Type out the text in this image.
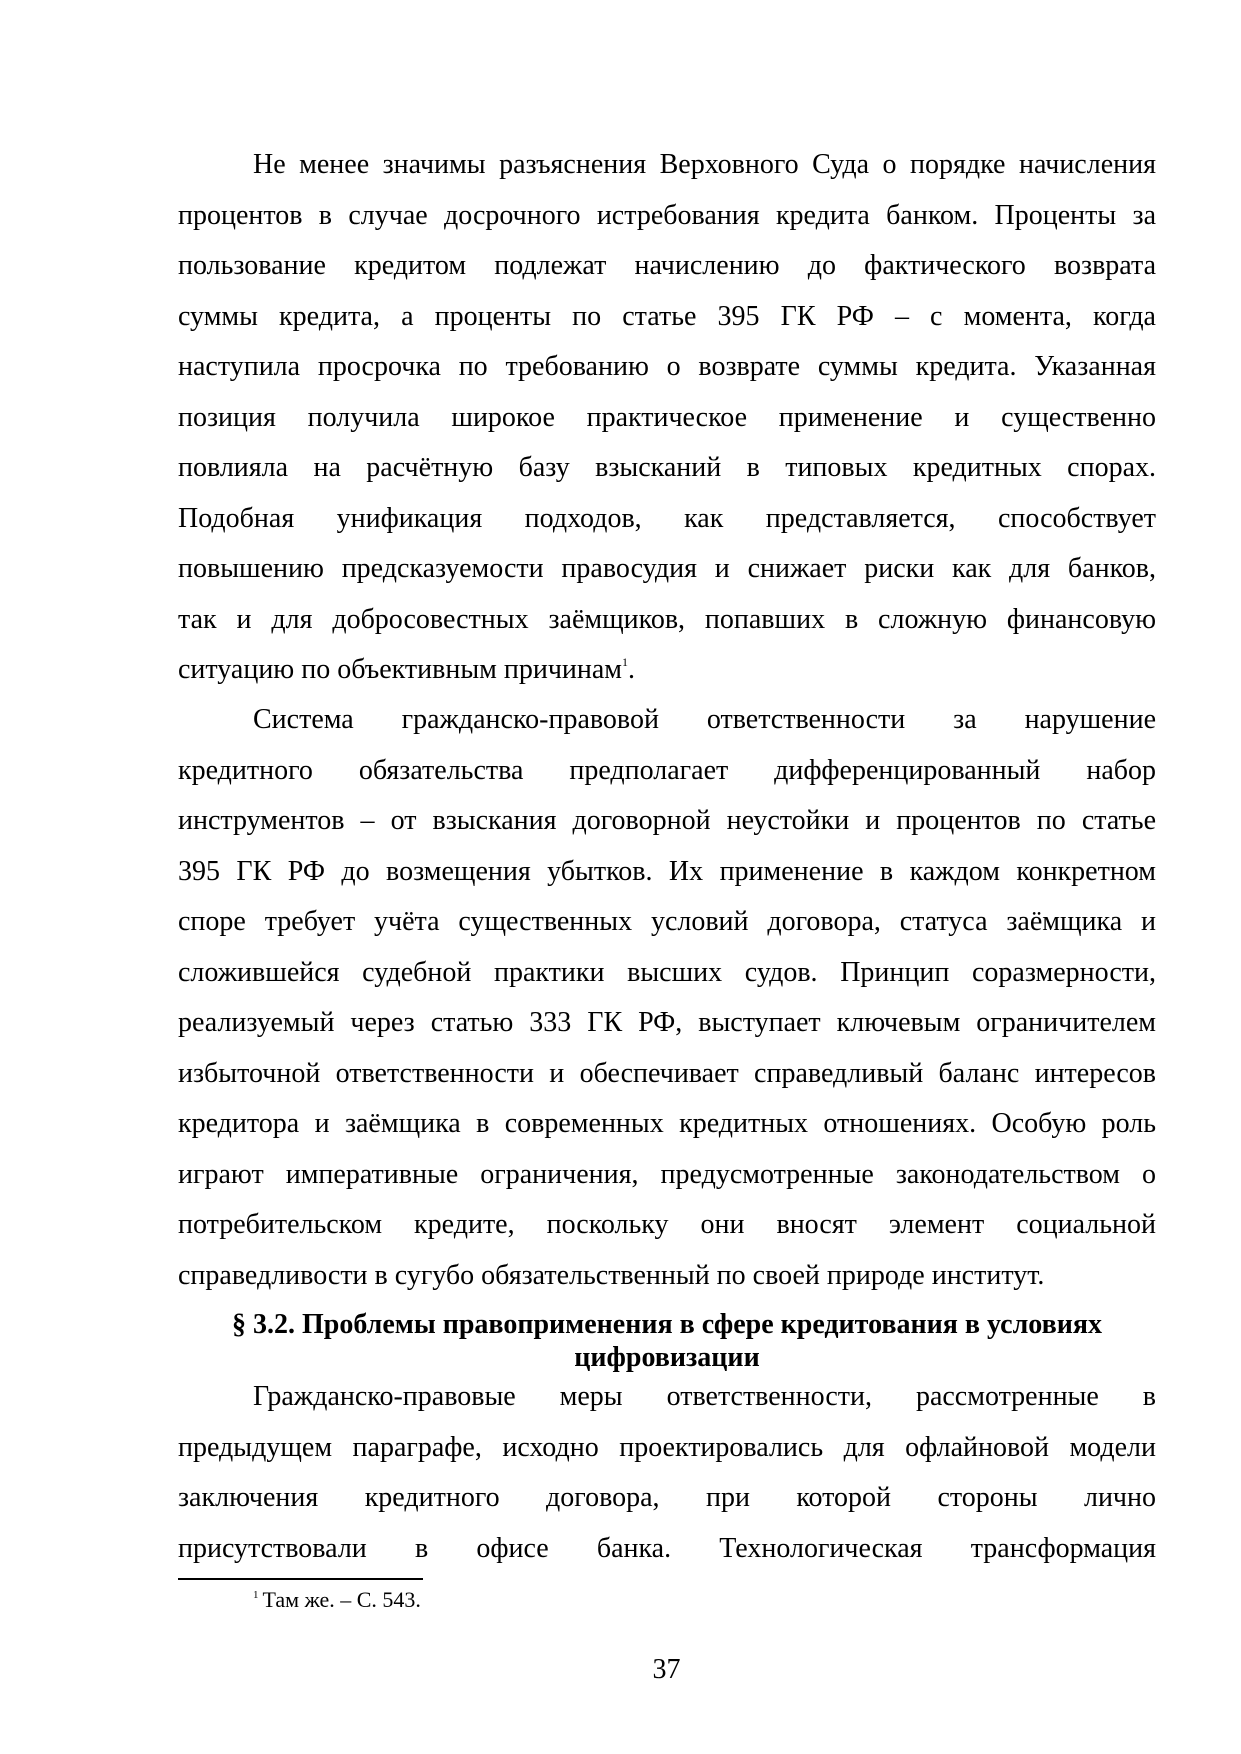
Не менее значимы разъяснения Верховного Суда о порядке начисления
процентов в случае досрочного истребования кредита банком. Проценты за
пользование кредитом подлежат начислению до фактического возврата
суммы кредита, а проценты по статье 395 ГК РФ – с момента, когда
наступила просрочка по требованию о возврате суммы кредита. Указанная
позиция получила широкое практическое применение и существенно
повлияла на расчётную базу взысканий в типовых кредитных спорах.
Подобная унификация подходов, как представляется, способствует
повышению предсказуемости правосудия и снижает риски как для банков,
так и для добросовестных заёмщиков, попавших в сложную финансовую
ситуацию по объективным причинам$^1$.
Система гражданско-правовой ответственности за нарушение
кредитного обязательства предполагает дифференцированный набор
инструментов – от взыскания договорной неустойки и процентов по статье
395 ГК РФ до возмещения убытков. Их применение в каждом конкретном
споре требует учёта существенных условий договора, статуса заёмщика и
сложившейся судебной практики высших судов. Принцип соразмерности,
реализуемый через статью 333 ГК РФ, выступает ключевым ограничителем
избыточной ответственности и обеспечивает справедливый баланс интересов
кредитора и заёмщика в современных кредитных отношениях. Особую роль
играют императивные ограничения, предусмотренные законодательством о
потребительском кредите, поскольку они вносят элемент социальной
справедливости в сугубо обязательственный по своей природе институт.
§ 3.2. Проблемы правоприменения в сфере кредитования в условиях
цифровизации
Гражданско-правовые меры ответственности, рассмотренные в
предыдущем параграфе, исходно проектировались для офлайновой модели
заключения кредитного договора, при которой стороны лично
присутствовали в офисе банка. Технологическая трансформация
$^1$ Там же. – С. 543.
37
